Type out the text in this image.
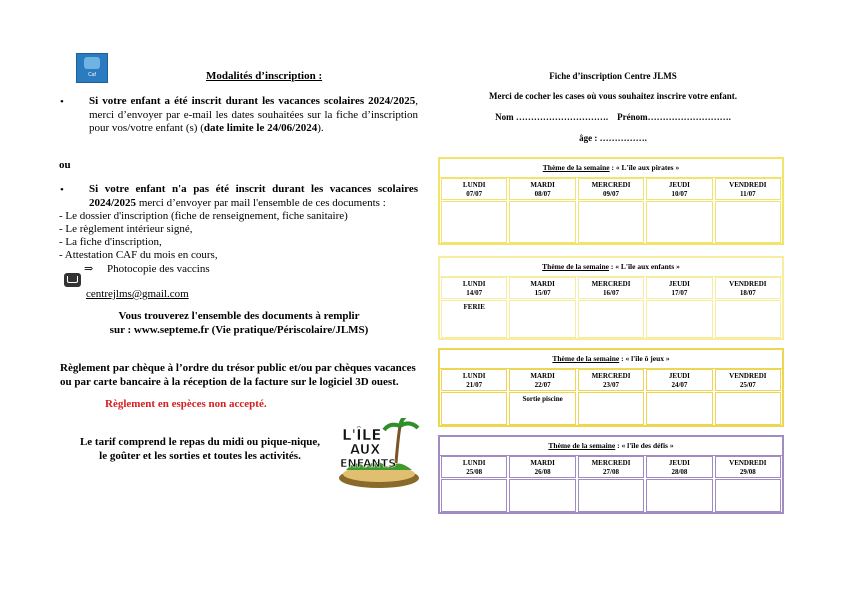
Caf	Modalités d’inscription :
• Si votre enfant a été inscrit durant les vacances scolaires 2024/2025, merci d’envoyer par e-mail les dates souhaitées sur la fiche d’inscription pour vos/votre enfant (s) (date limite le 24/06/2024).
ou
• Si votre enfant n'a pas été inscrit durant les vacances scolaires 2024/2025 merci d’envoyer par mail l'ensemble de ces documents :
- Le dossier d'inscription (fiche de renseignement, fiche sanitaire)
- Le règlement intérieur signé,
- La fiche d'inscription,
- Attestation CAF du mois en cours,
⇒     Photocopie des vaccins
centrejlms@gmail.com
Vous trouverez l'ensemble des documents à remplir
sur : www.septeme.fr (Vie pratique/Périscolaire/JLMS)
Règlement par chèque à l’ordre du trésor public et/ou par chèques vacances ou par carte bancaire à la réception de la facture sur le logiciel 3D ouest.
Règlement en espèces non accepté.
Le tarif comprend le repas du midi ou pique-nique,
le goûter et les sorties et toutes les activités.
L'ÎLE
AUX
ENFANTS
Fiche d’inscription Centre JLMS
Merci de cocher les cases où vous souhaitez inscrire votre enfant.
Nom ………………………….    Prénom……………………….
âge : …………….
Thème de la semaine : « L'île aux pirates »
LUNDI
07/07
MARDI
08/07
MERCREDI
09/07
JEUDI
10/07
VENDREDI
11/07
Thème de la semaine : « L'île aux enfants »
LUNDI
14/07
MARDI
15/07
MERCREDI
16/07
JEUDI
17/07
VENDREDI
18/07
FERIE
Thème de la semaine : « l'île ô jeux »
LUNDI
21/07
MARDI
22/07
MERCREDI
23/07
JEUDI
24/07
VENDREDI
25/07
Sortie piscine
Thème de la semaine : « l'île des défis »
LUNDI
25/08
MARDI
26/08
MERCREDI
27/08
JEUDI
28/08
VENDREDI
29/08
